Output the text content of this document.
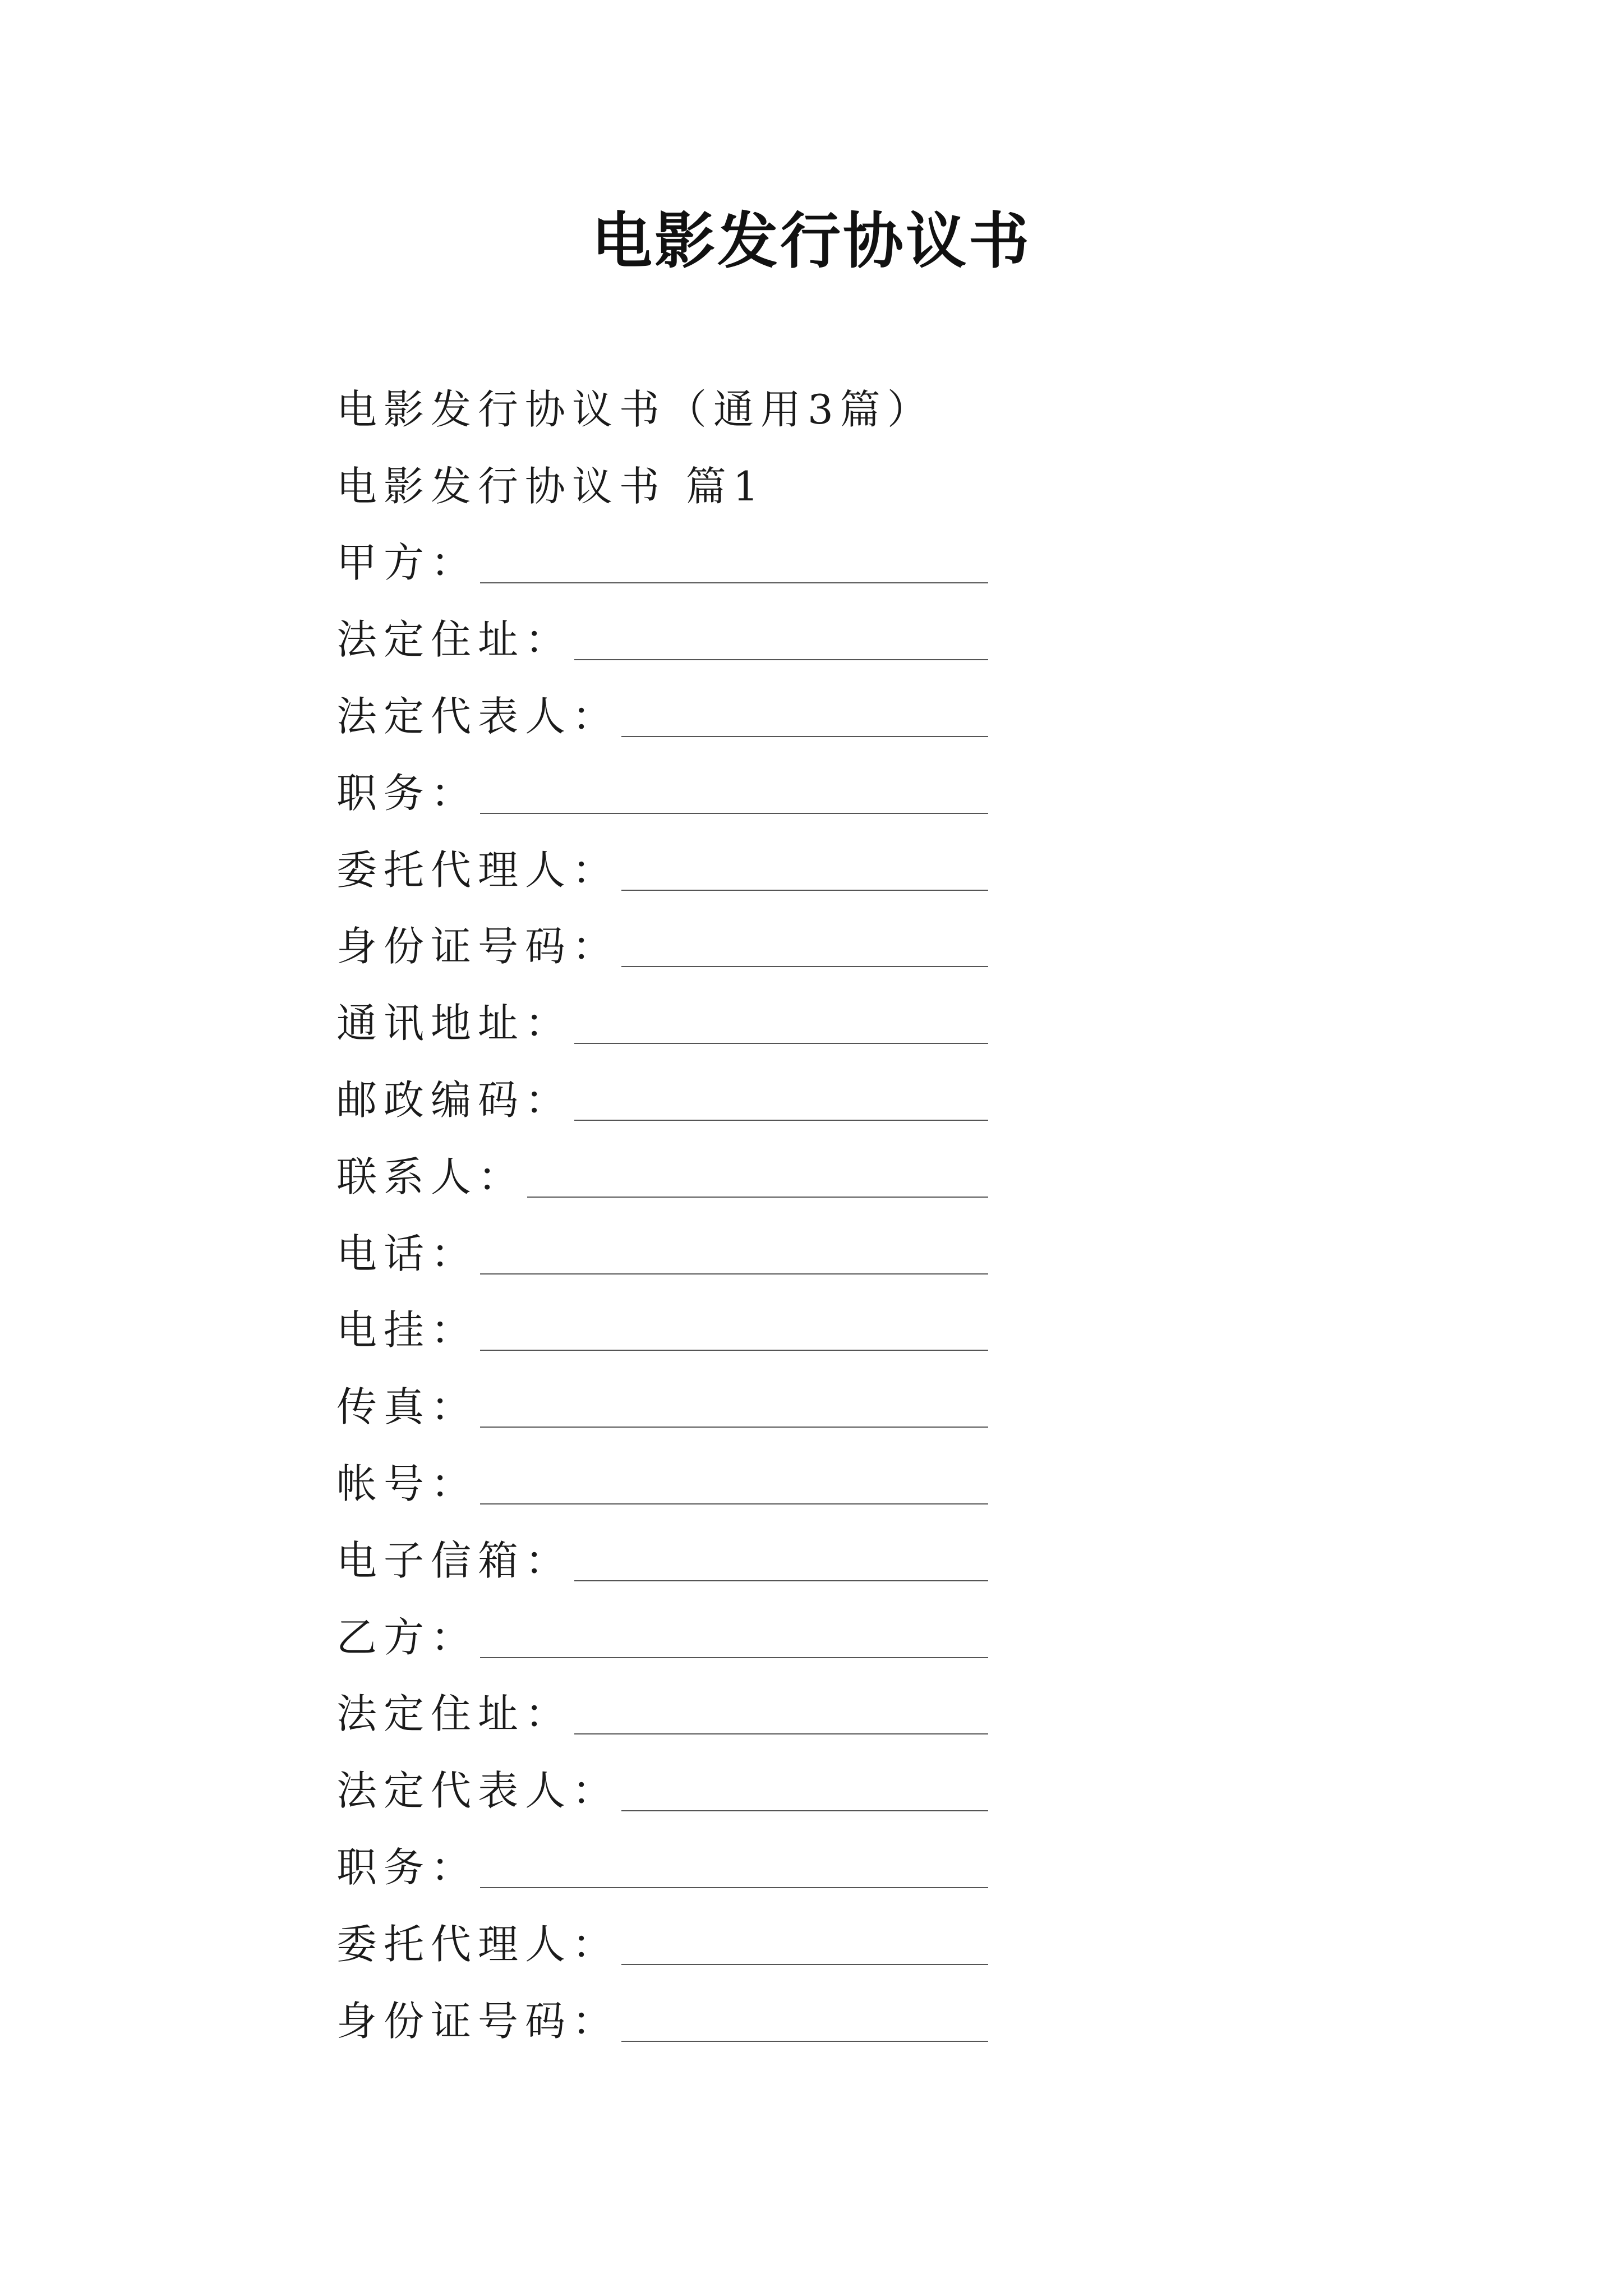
电影发行协议书
电影发行协议书（通用3篇）
电影发行协议书 篇1
甲方：
法定住址：
法定代表人：
职务：
委托代理人：
身份证号码：
通讯地址：
邮政编码：
联系人：
电话：
电挂：
传真：
帐号：
电子信箱：
乙方：
法定住址：
法定代表人：
职务：
委托代理人：
身份证号码：
